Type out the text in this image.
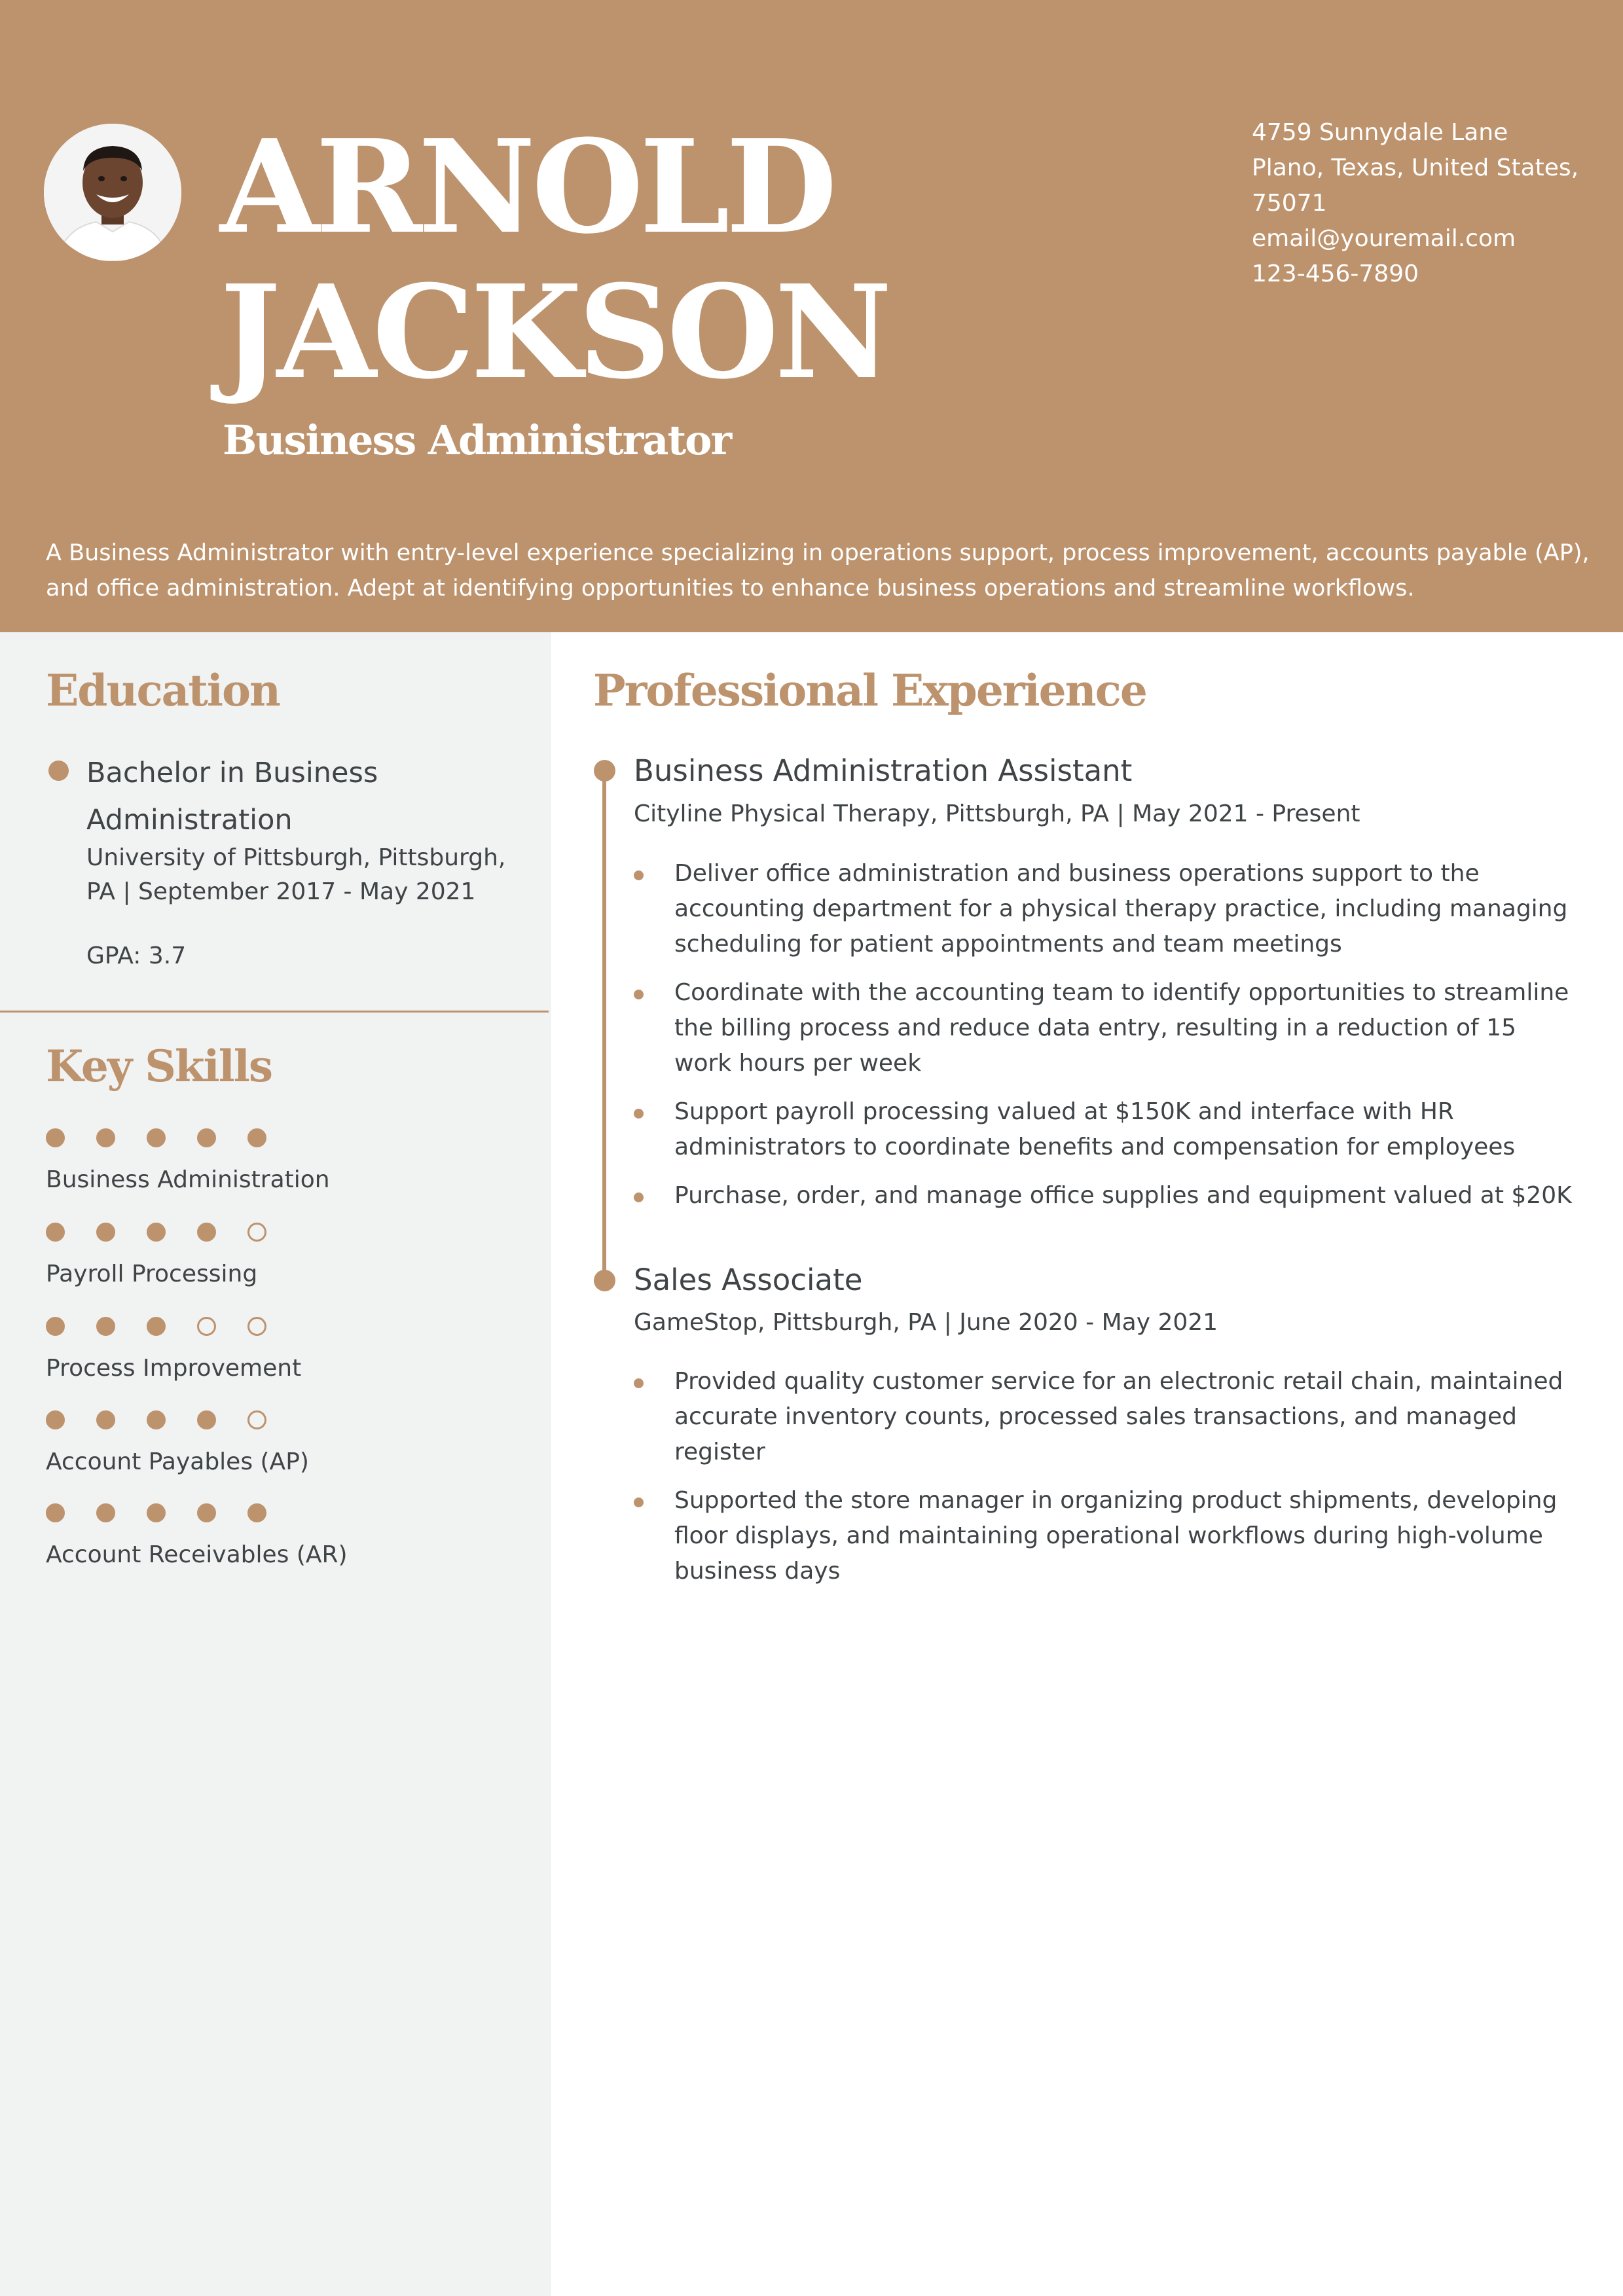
ARNOLD
JACKSON
Business Administrator
4759 Sunnydale Lane
Plano, Texas, United States,
75071
email@youremail.com
123-456-7890
A Business Administrator with entry-level experience specializing in operations support, process improvement, accounts payable (AP), and office administration. Adept at identifying opportunities to enhance business operations and streamline workflows.
Education
Bachelor in Business Administration
University of Pittsburgh, Pittsburgh, PA | September 2017 - May 2021
GPA: 3.7
Key Skills
Business Administration
Payroll Processing
Process Improvement
Account Payables (AP)
Account Receivables (AR)
Professional Experience
Business Administration Assistant
Cityline Physical Therapy, Pittsburgh, PA | May 2021 - Present
Deliver office administration and business operations support to the accounting department for a physical therapy practice, including managing scheduling for patient appointments and team meetings
Coordinate with the accounting team to identify opportunities to streamline the billing process and reduce data entry, resulting in a reduction of 15 work hours per week
Support payroll processing valued at $150K and interface with HR administrators to coordinate benefits and compensation for employees
Purchase, order, and manage office supplies and equipment valued at $20K
Sales Associate
GameStop, Pittsburgh, PA | June 2020 - May 2021
Provided quality customer service for an electronic retail chain, maintained accurate inventory counts, processed sales transactions, and managed register
Supported the store manager in organizing product shipments, developing floor displays, and maintaining operational workflows during high-volume business days
